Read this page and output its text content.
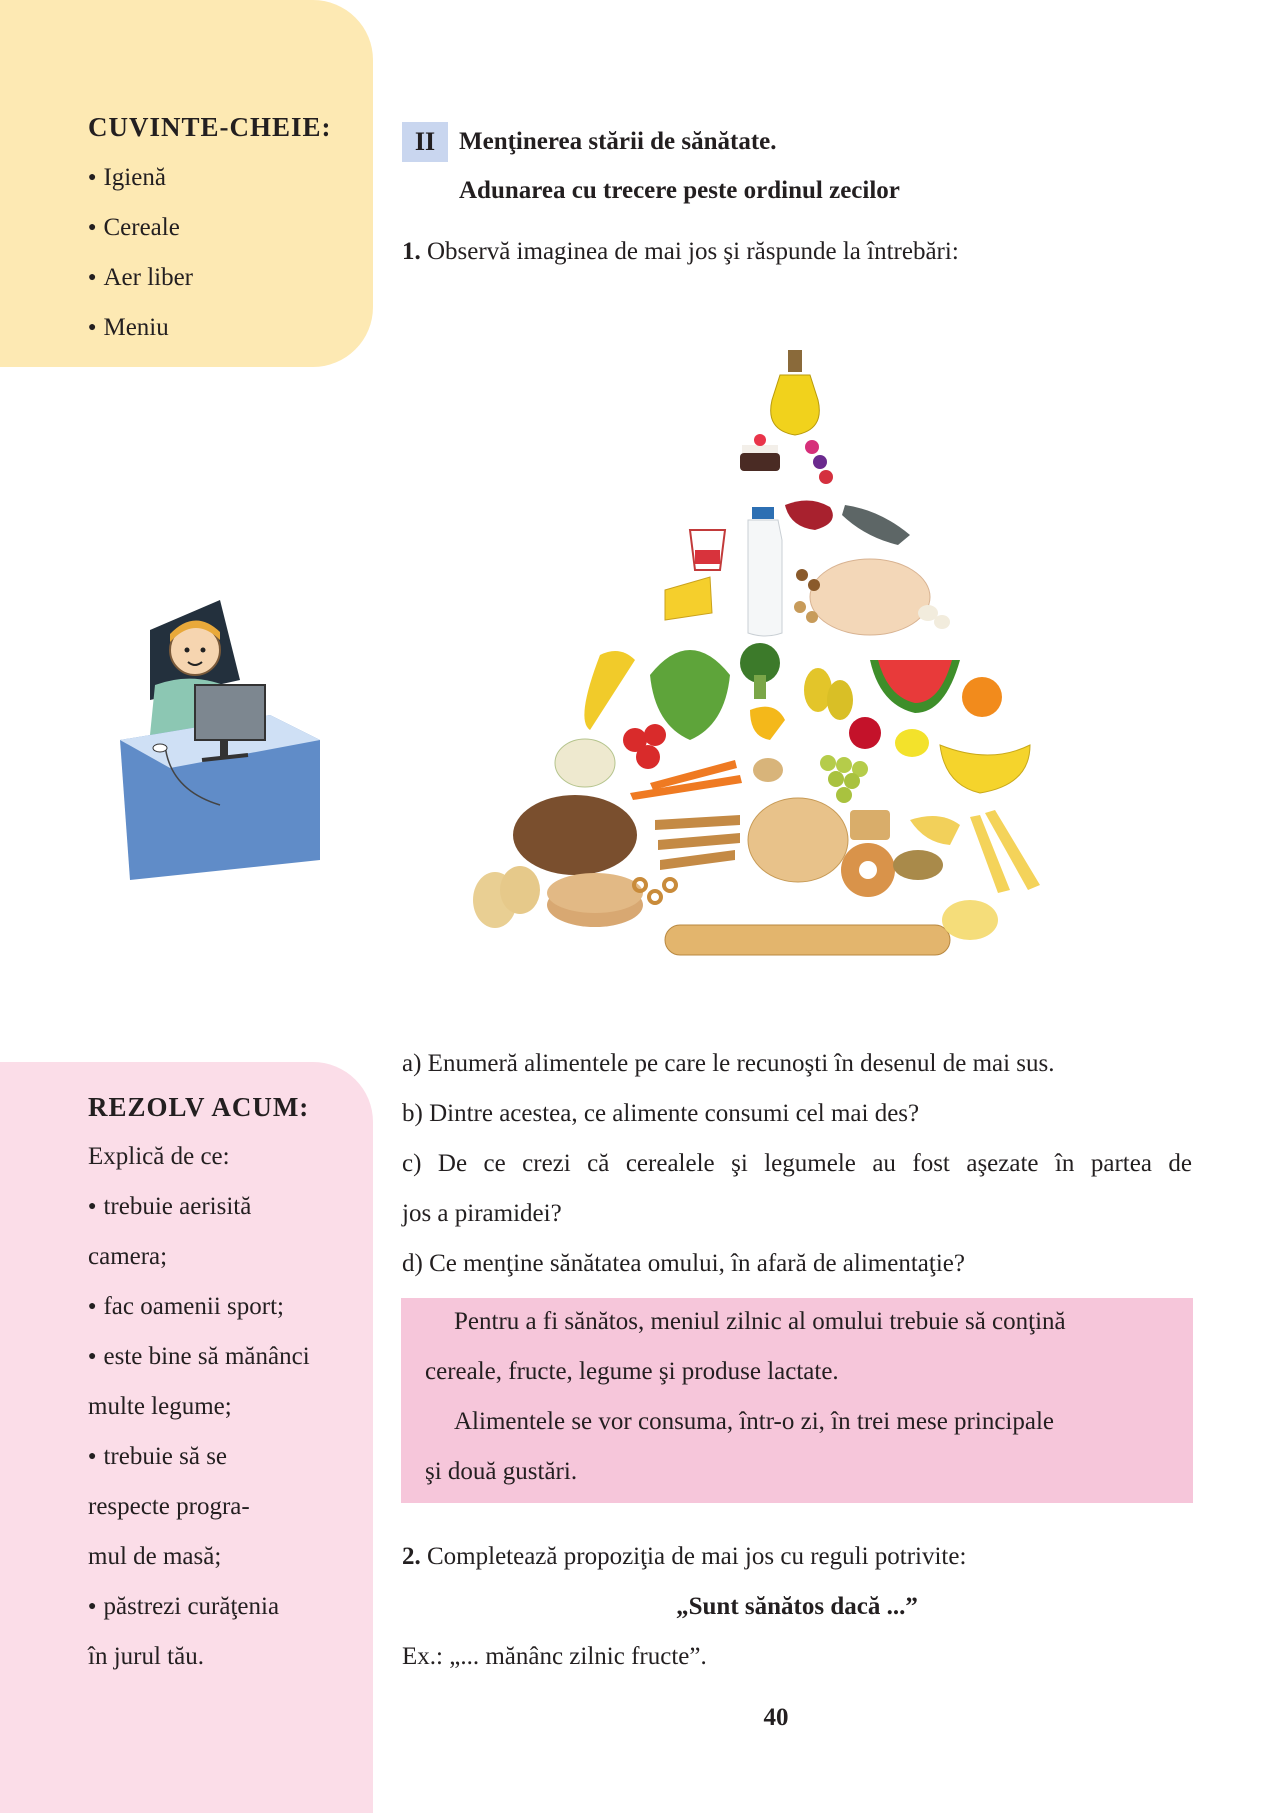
CUVINTE-CHEIE:
● Igienă
● Cereale
● Aer liber
● Meniu
II Menţinerea stării de sănătate.
Adunarea cu trecere peste ordinul zecilor
1. Observă imaginea de mai jos şi răspunde la întrebări:
a) Enumeră alimentele pe care le recunoşti în desenul de mai sus.
b) Dintre acestea, ce alimente consumi cel mai des?
c) De ce crezi că cerealele şi legumele au fost aşezate în partea de
jos a piramidei?
d) Ce menţine sănătatea omului, în afară de alimentaţie?
Pentru a fi sănătos, meniul zilnic al omului trebuie să conţină
cereale, fructe, legume şi produse lactate.
Alimentele se vor consuma, într-o zi, în trei mese principale
şi două gustări.
2. Completează propoziţia de mai jos cu reguli potrivite:
„Sunt sănătos dacă ...”
Ex.: „... mănânc zilnic fructe”.
REZOLV ACUM:
Explică de ce:
● trebuie aerisită
camera;
● fac oamenii sport;
● este bine să mănânci
multe legume;
● trebuie să se
respecte progra-
mul de masă;
● păstrezi curăţenia
în jurul tău.
40
